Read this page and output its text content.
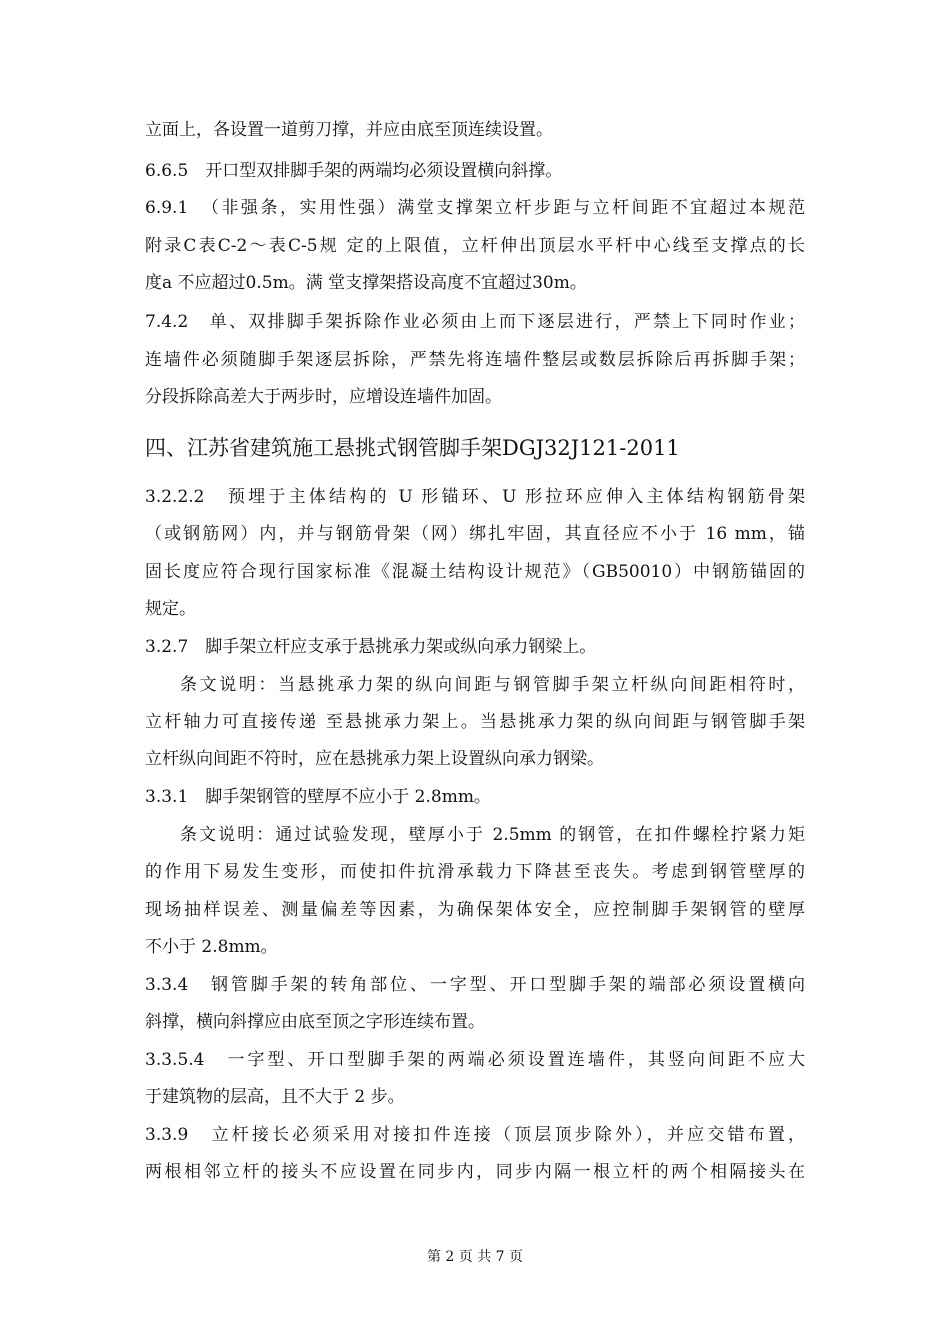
立面上，各设置一道剪刀撑，并应由底至顶连续设置。
6.6.5　开口型双排脚手架的两端均必须设置横向斜撑。
6.9.1　（非强条，实用性强）满堂支撑架立杆步距与立杆间距不宜超过本规范
附录C表C-2～表C-5规 定的上限值，立杆伸出顶层水平杆中心线至支撑点的长
度a 不应超过0.5m。满 堂支撑架搭设高度不宜超过30m。
7.4.2　单、双排脚手架拆除作业必须由上而下逐层进行，严禁上下同时作业；
连墙件必须随脚手架逐层拆除，严禁先将连墙件整层或数层拆除后再拆脚手架；
分段拆除高差大于两步时，应增设连墙件加固。
四、江苏省建筑施工悬挑式钢管脚手架DGJ32J121-2011
3.2.2.2　预埋于主体结构的 U 形锚环、U 形拉环应伸入主体结构钢筋骨架
（或钢筋网）内，并与钢筋骨架（网）绑扎牢固，其直径应不小于 16 mm，锚
固长度应符合现行国家标准《混凝土结构设计规范》（GB50010）中钢筋锚固的
规定。
3.2.7　脚手架立杆应支承于悬挑承力架或纵向承力钢梁上。
条文说明：当悬挑承力架的纵向间距与钢管脚手架立杆纵向间距相符时，
立杆轴力可直接传递 至悬挑承力架上。当悬挑承力架的纵向间距与钢管脚手架
立杆纵向间距不符时，应在悬挑承力架上设置纵向承力钢梁。
3.3.1　脚手架钢管的壁厚不应小于 2.8mm。
条文说明：通过试验发现，壁厚小于 2.5mm 的钢管，在扣件螺栓拧紧力矩
的作用下易发生变形，而使扣件抗滑承载力下降甚至丧失。考虑到钢管壁厚的
现场抽样误差、测量偏差等因素，为确保架体安全，应控制脚手架钢管的壁厚
不小于 2.8mm。
3.3.4　钢管脚手架的转角部位、一字型、开口型脚手架的端部必须设置横向
斜撑，横向斜撑应由底至顶之字形连续布置。
3.3.5.4　一字型、开口型脚手架的两端必须设置连墙件，其竖向间距不应大
于建筑物的层高，且不大于 2 步。
3.3.9　立杆接长必须采用对接扣件连接（顶层顶步除外），并应交错布置，
两根相邻立杆的接头不应设置在同步内，同步内隔一根立杆的两个相隔接头在
第 2 页 共 7 页
